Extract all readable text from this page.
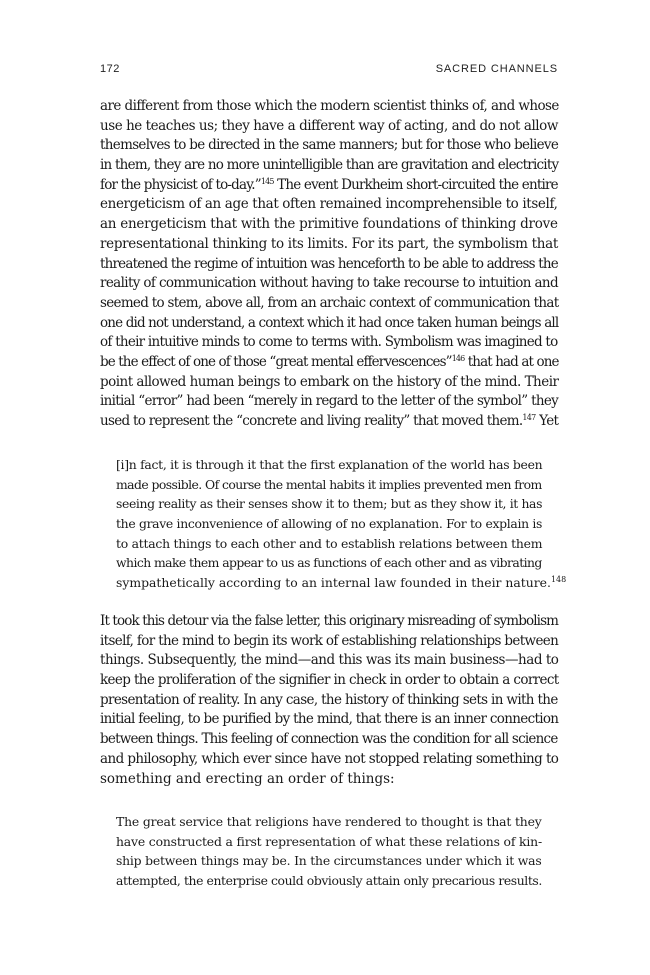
172	SACRED CHANNELS
are different from those which the modern scientist thinks of, and whose
use he teaches us; they have a different way of acting, and do not allow
themselves to be directed in the same manners; but for those who believe
in them, they are no more unintelligible than are gravitation and electricity
for the physicist of to-day.”$^{145}$ The event Durkheim short-circuited the entire
energeticism of an age that often remained incomprehensible to itself,
an energeticism that with the primitive foundations of thinking drove
representational thinking to its limits. For its part, the symbolism that
threatened the regime of intuition was henceforth to be able to address the
reality of communication without having to take recourse to intuition and
seemed to stem, above all, from an archaic context of communication that
one did not understand, a context which it had once taken human beings all
of their intuitive minds to come to terms with. Symbolism was imagined to
be the effect of one of those “great mental effervescences”$^{146}$ that had at one
point allowed human beings to embark on the history of the mind. Their
initial “error” had been “merely in regard to the letter of the symbol” they
used to represent the “concrete and living reality” that moved them.$^{147}$ Yet
[i]n fact, it is through it that the first explanation of the world has been
made possible. Of course the mental habits it implies prevented men from
seeing reality as their senses show it to them; but as they show it, it has
the grave inconvenience of allowing of no explanation. For to explain is
to attach things to each other and to establish relations between them
which make them appear to us as functions of each other and as vibrating
sympathetically according to an internal law founded in their nature.$^{148}$
It took this detour via the false letter, this originary misreading of symbolism
itself, for the mind to begin its work of establishing relationships between
things. Subsequently, the mind—and this was its main business—had to
keep the proliferation of the signifier in check in order to obtain a correct
presentation of reality. In any case, the history of thinking sets in with the
initial feeling, to be purified by the mind, that there is an inner connection
between things. This feeling of connection was the condition for all science
and philosophy, which ever since have not stopped relating something to
something and erecting an order of things:
The great service that religions have rendered to thought is that they
have constructed a first representation of what these relations of kin-
ship between things may be. In the circumstances under which it was
attempted, the enterprise could obviously attain only precarious results.
